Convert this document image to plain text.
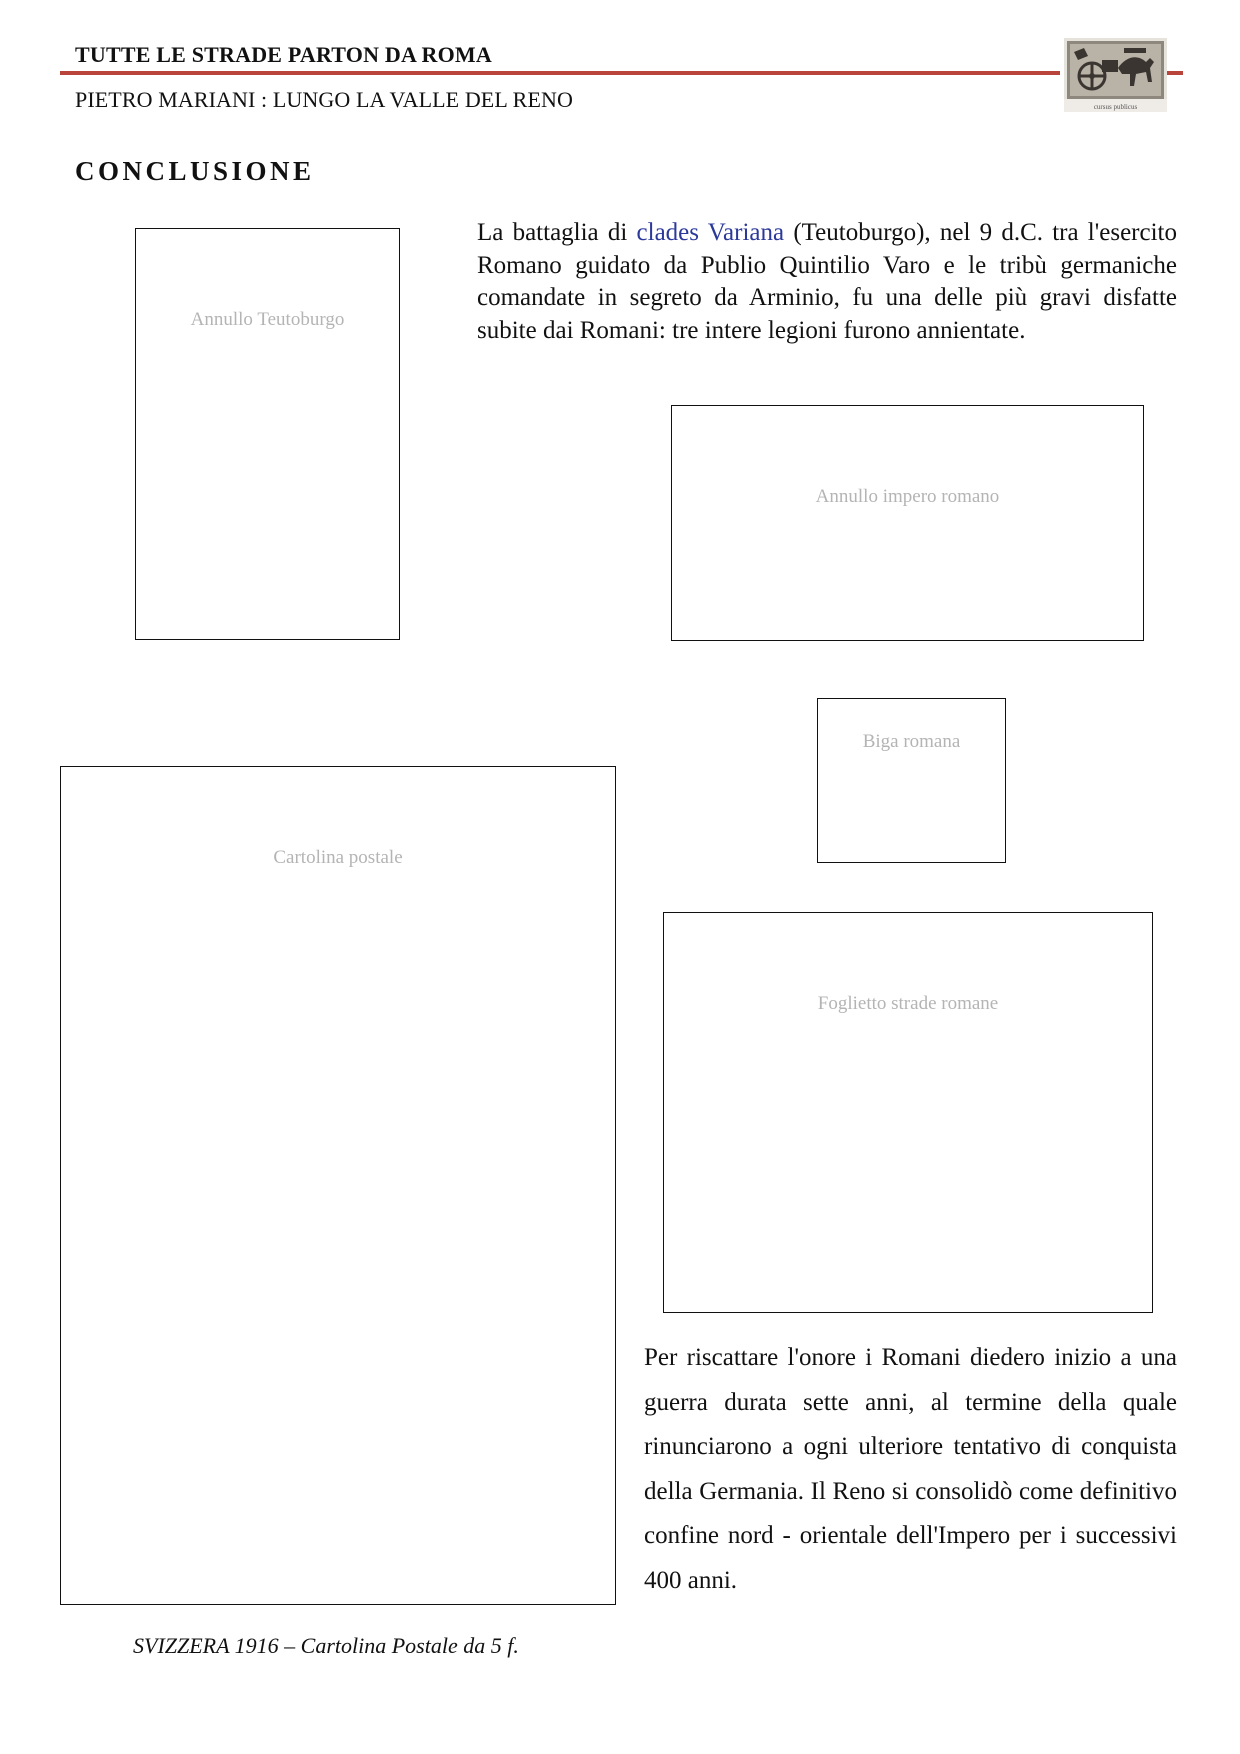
TUTTE LE STRADE PARTON DA ROMA
PIETRO MARIANI : LUNGO LA VALLE DEL RENO	cursus publicus
CONCLUSIONE
Annullo Teutoburgo
La battaglia di clades Variana (Teutoburgo), nel 9 d.C. tra l'esercito Romano guidato da Publio Quintilio Varo e le tribù germaniche comandate in segreto da Arminio, fu una delle più gravi disfatte subite dai Romani: tre intere legioni furono annientate.
Annullo impero romano
Biga romana
Cartolina postale
Foglietto strade romane
Per riscattare l'onore i Romani diedero inizio a una guerra durata sette anni, al termine della quale rinunciarono a ogni ulteriore tentativo di conquista della Germania. Il Reno si consolidò come definitivo confine nord - orientale dell'Impero per i successivi 400 anni.
SVIZZERA 1916 – Cartolina Postale da 5 f.
